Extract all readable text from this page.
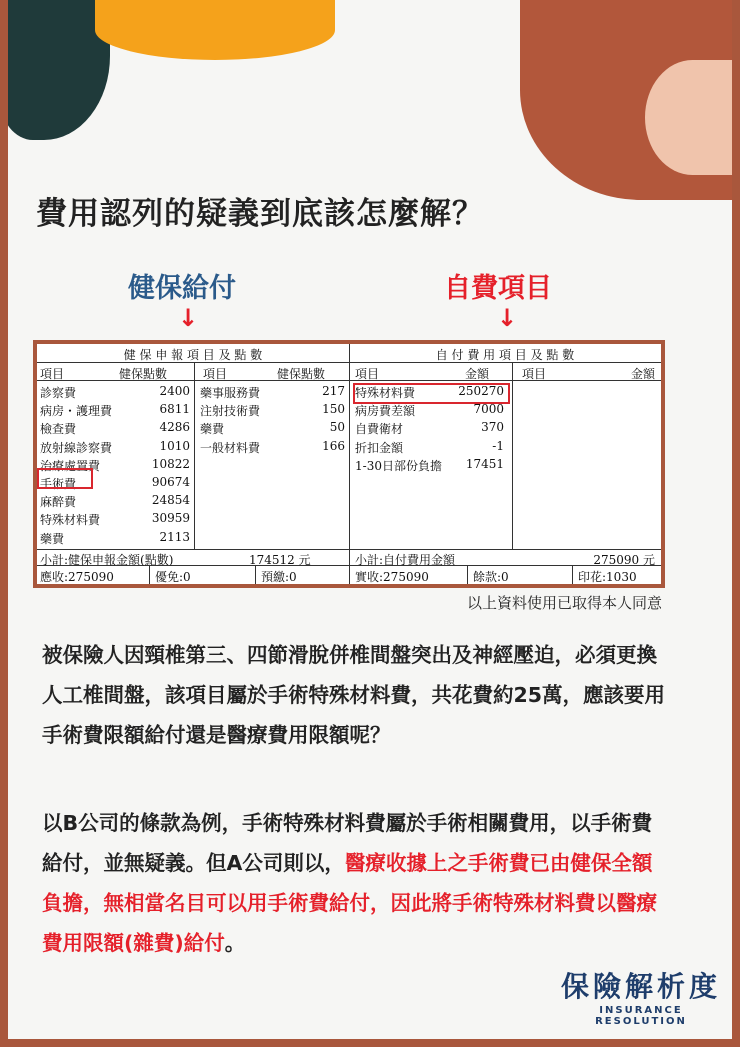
費用認列的疑義到底該怎麼解？
健保給付	自費項目
↓	↓
健 保 申 報 項 目 及 點 數	自 付 費 用 項 目 及 點 數
項目	健保點數	項目	健保點數 項目	金額	項目	金額
診察費	2400
病房・護理費	6811
檢查費	4286
放射線診察費	1010
治療處置費	10822
手術費	90674
麻醉費	24854
特殊材料費	30959
藥費	2113
藥事服務費	217
注射技術費	150
藥費	50
一般材料費	166
特殊材料費	250270
病房費差額	7000
自費衛材	370
折扣金額	-1
1-30日部份負擔	17451
小計:健保申報金額(點數)	174512 元	小計:自付費用金額	275090 元
應收:275090	優免:0	預繳:0	實收:275090	餘款:0	印花:1030
以上資料使用已取得本人同意
被保險人因頸椎第三、四節滑脫併椎間盤突出及神經壓迫，必須更換人工椎間盤，該項目屬於手術特殊材料費，共花費約25萬，應該要用手術費限額給付還是醫療費用限額呢？
以B公司的條款為例，手術特殊材料費屬於手術相關費用，以手術費給付，並無疑義。但A公司則以，醫療收據上之手術費已由健保全額負擔，無相當名目可以用手術費給付，因此將手術特殊材料費以醫療費用限額(雜費)給付。
保險解析度
INSURANCE RESOLUTION
